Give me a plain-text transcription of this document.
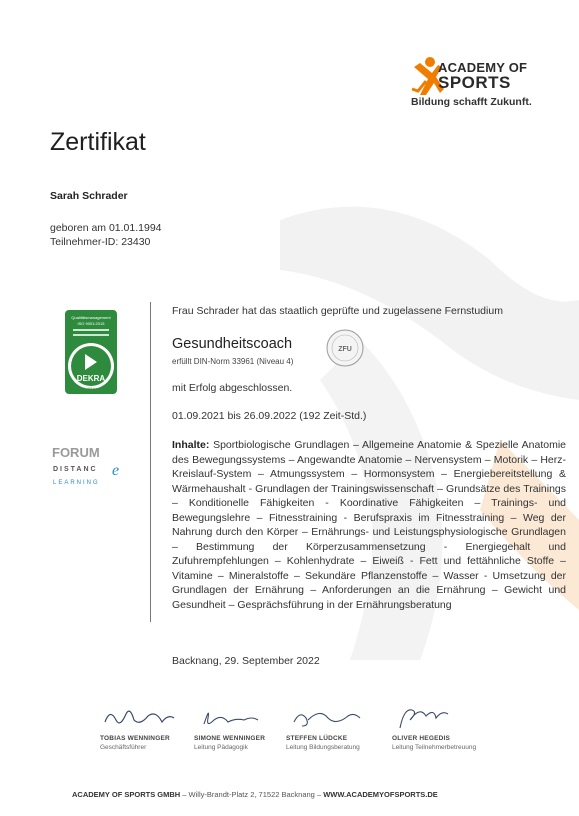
ACADEMY OF
SPORTS
Bildung schafft Zukunft.
Zertifikat
Sarah Schrader
geboren am 01.01.1994
Teilnehmer-ID: 23430
Qualitätsmanagement
ISO 9001:2015
DEKRA
Zertifiziert
FORUM
DISTANC e
LEARNING
Frau Schrader hat das staatlich geprüfte und zugelassene Fernstudium
Gesundheitscoach
erfüllt DIN-Norm 33961 (Niveau 4)
ZFU
mit Erfolg abgeschlossen.
01.09.2021 bis 26.09.2022 (192 Zeit-Std.)
Inhalte: Sportbiologische Grundlagen – Allgemeine Anatomie & Spezielle Anatomie des Bewegungssystems – Angewandte Anatomie – Nervensystem – Motorik – Herz-Kreislauf-System – Atmungssystem – Hormonsystem – Energiebereitstellung & Wärmehaushalt - Grundlagen der Trainingswissenschaft – Grundsätze des Trainings – Konditionelle Fähigkeiten - Koordinative Fähigkeiten – Trainings- und Bewegungslehre – Fitnesstraining - Berufspraxis im Fitnesstraining – Weg der Nahrung durch den Körper – Ernährungs- und Leistungsphysiologische Grundlagen – Bestimmung der Körperzusammensetzung - Energiegehalt und Zufuhrempfehlungen – Kohlenhydrate – Eiweiß - Fett und fettähnliche Stoffe – Vitamine – Mineralstoffe – Sekundäre Pflanzenstoffe – Wasser - Umsetzung der Grundlagen der Ernährung – Anforderungen an die Ernährung – Gewicht und Gesundheit – Gesprächsführung in der Ernährungsberatung
Backnang, 29. September 2022
TOBIAS WENNINGER
Geschäftsführer
SIMONE WENNINGER
Leitung Pädagogik
STEFFEN LÜDCKE
Leitung Bildungsberatung
OLIVER HEGEDIS
Leitung Teilnehmerbetreuung
ACADEMY OF SPORTS GMBH – Willy-Brandt-Platz 2, 71522 Backnang – WWW.ACADEMYOFSPORTS.DE
